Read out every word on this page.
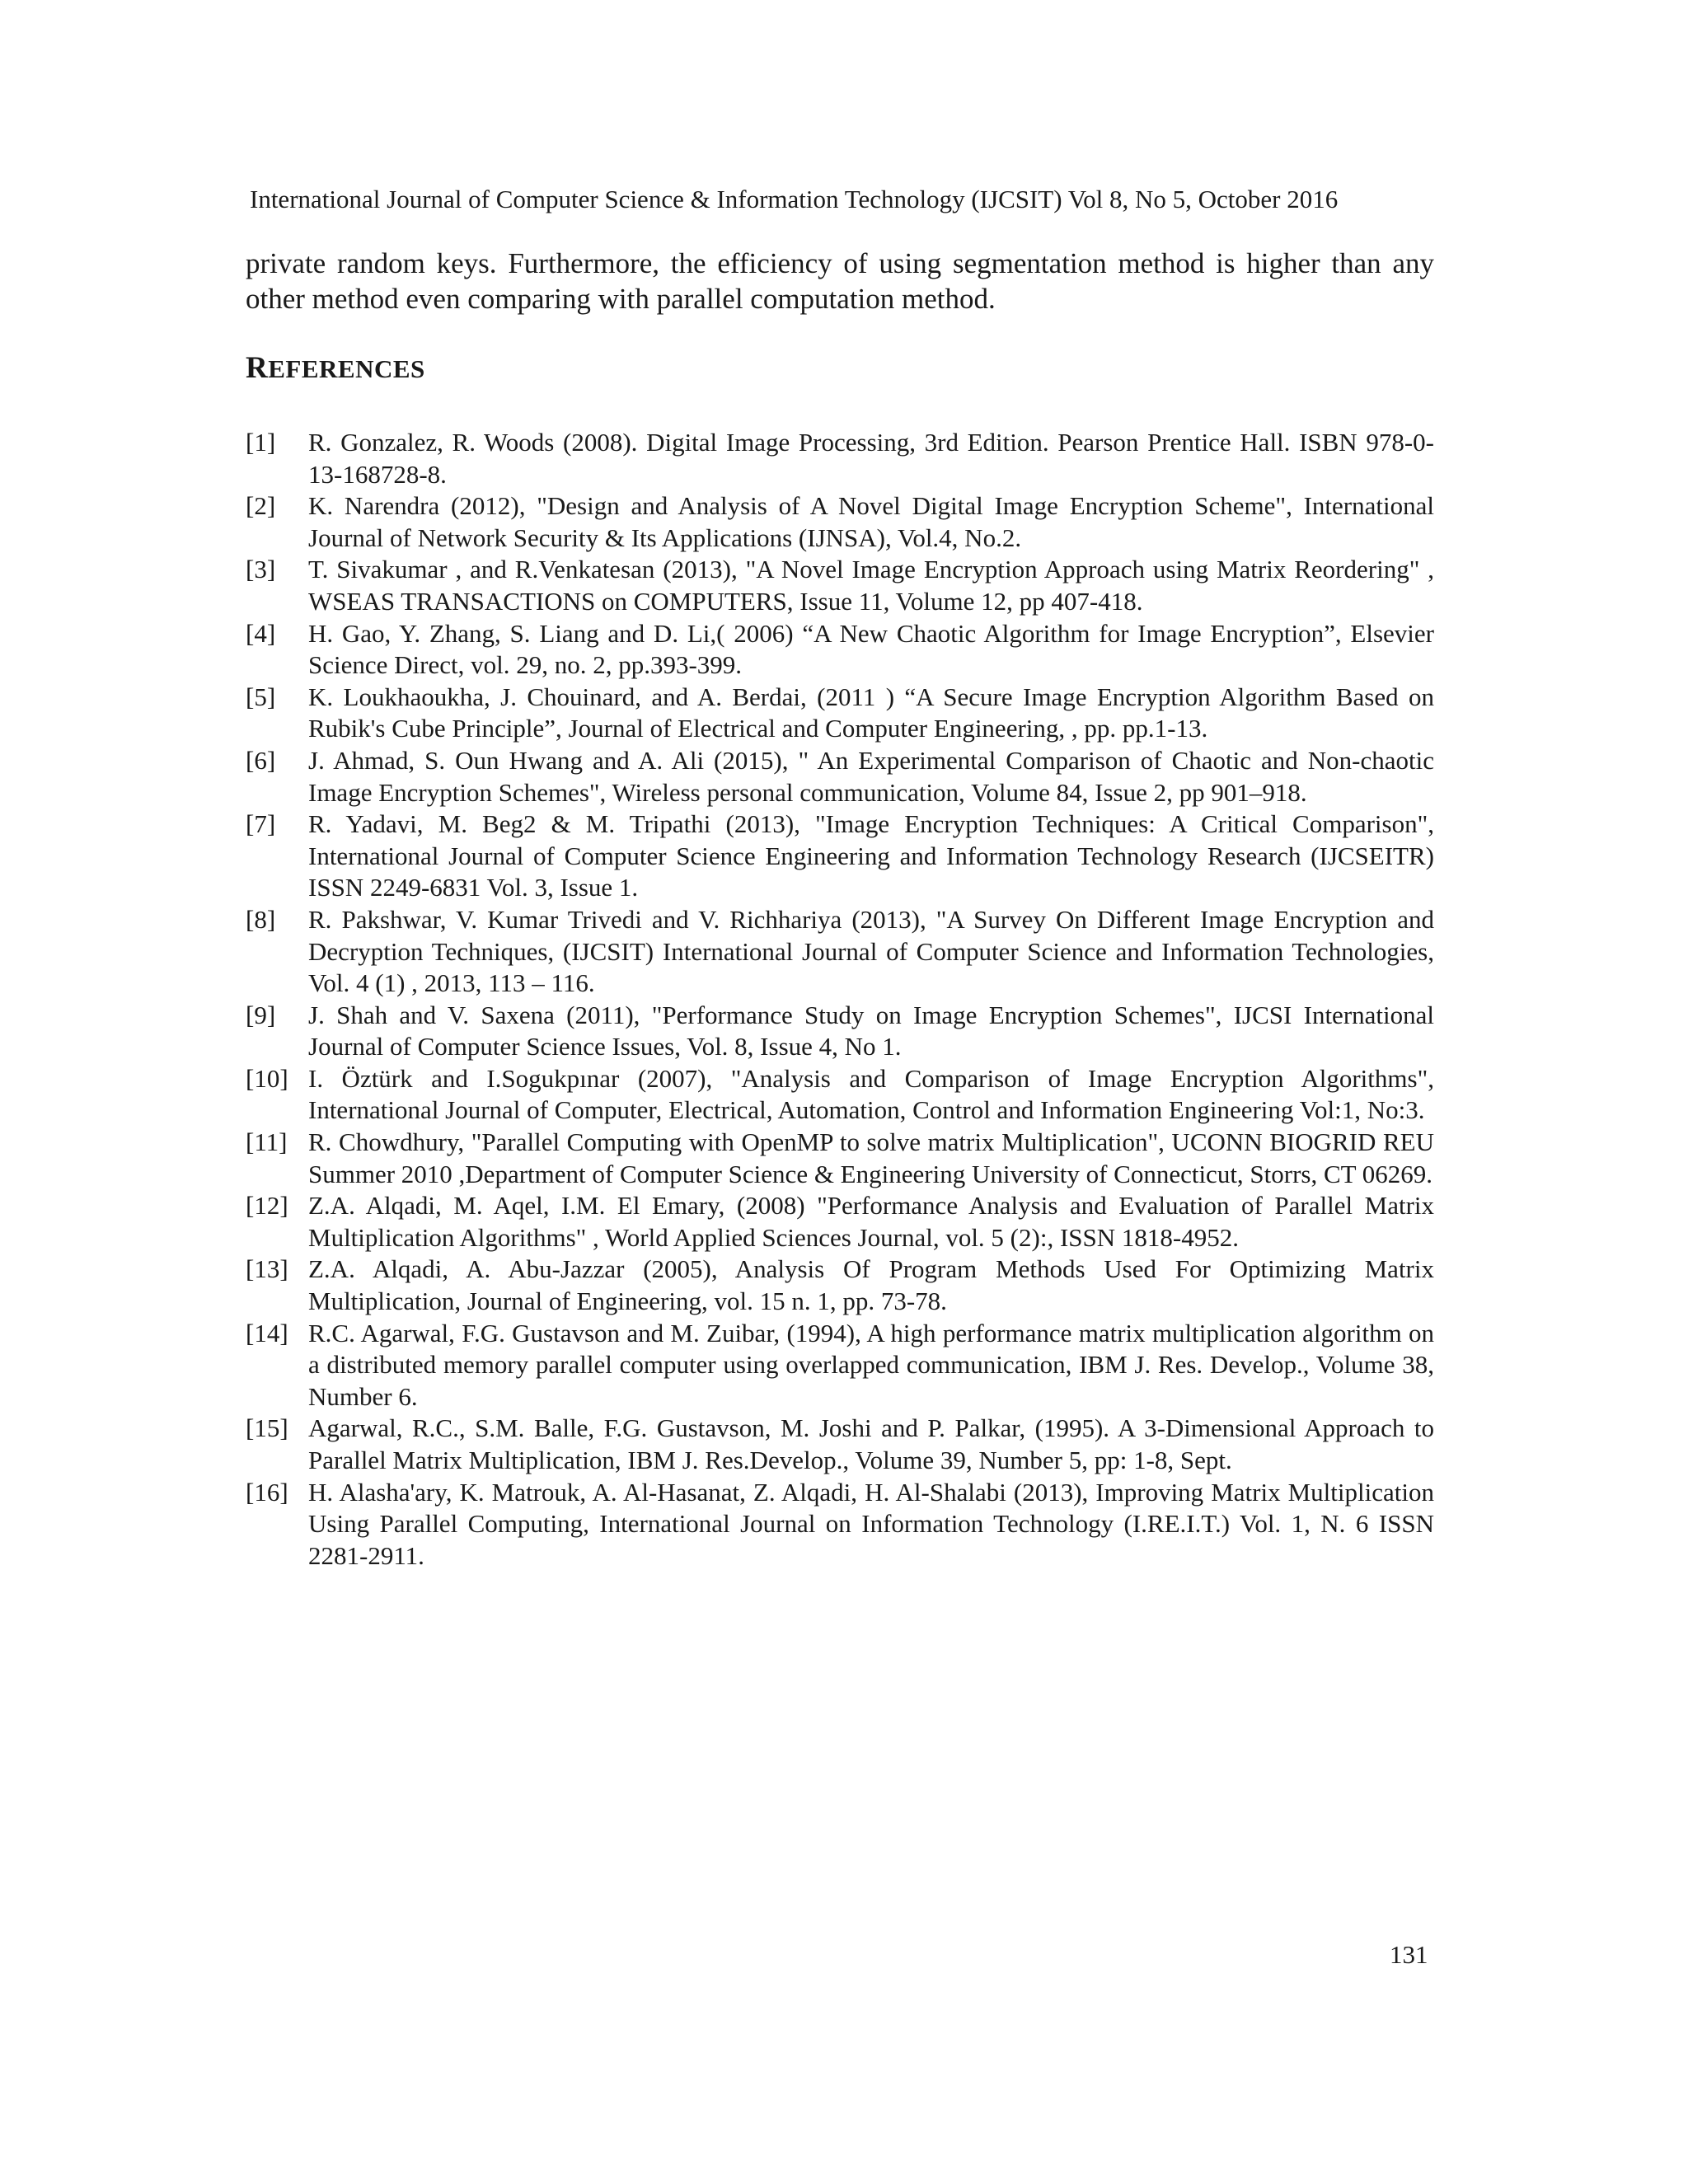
International Journal of Computer Science & Information Technology (IJCSIT) Vol 8, No 5, October 2016

private random keys. Furthermore, the efficiency of using segmentation method is higher than any other method even comparing with parallel computation method.

REFERENCES
[1]	R. Gonzalez, R. Woods (2008). Digital Image Processing, 3rd Edition. Pearson Prentice Hall. ISBN 978-0-13-168728-8.
[2]	K. Narendra (2012), "Design and Analysis of A Novel Digital Image Encryption Scheme", International Journal of Network Security & Its Applications (IJNSA), Vol.4, No.2.
[3]	T. Sivakumar , and R.Venkatesan (2013), "A Novel Image Encryption Approach using Matrix Reordering" , WSEAS TRANSACTIONS on COMPUTERS, Issue 11, Volume 12, pp 407-418.
[4]	H. Gao, Y. Zhang, S. Liang and D. Li,( 2006) “A New Chaotic Algorithm for Image Encryption”, Elsevier Science Direct, vol. 29, no. 2, pp.393-399.
[5]	K. Loukhaoukha, J. Chouinard, and A. Berdai, (2011 ) “A Secure Image Encryption Algorithm Based on Rubik's Cube Principle”, Journal of Electrical and Computer Engineering, , pp. pp.1-13.
[6]	J. Ahmad, S. Oun Hwang and A. Ali (2015), " An Experimental Comparison of Chaotic and Non-chaotic Image Encryption Schemes", Wireless personal communication, Volume 84, Issue 2, pp 901–918.
[7]	R. Yadavi, M. Beg2 & M. Tripathi (2013), "Image Encryption Techniques: A Critical Comparison", International Journal of Computer Science Engineering and Information Technology Research (IJCSEITR) ISSN 2249-6831 Vol. 3, Issue 1.
[8]	R. Pakshwar, V. Kumar Trivedi and V. Richhariya (2013), "A Survey On Different Image Encryption and Decryption Techniques, (IJCSIT) International Journal of Computer Science and Information Technologies, Vol. 4 (1) , 2013, 113 – 116.
[9]	J. Shah and V. Saxena (2011), "Performance Study on Image Encryption Schemes", IJCSI International Journal of Computer Science Issues, Vol. 8, Issue 4, No 1.
[10] I. Öztürk and I.Sogukpınar (2007), "Analysis and Comparison of Image Encryption Algorithms", International Journal of Computer, Electrical, Automation, Control and Information Engineering Vol:1, No:3.
[11] R. Chowdhury, "Parallel Computing with OpenMP to solve matrix Multiplication", UCONN BIOGRID REU Summer 2010 ,Department of Computer Science & Engineering University of Connecticut, Storrs, CT 06269.
[12] Z.A. Alqadi, M. Aqel, I.M. El Emary, (2008) "Performance Analysis and Evaluation of Parallel Matrix Multiplication Algorithms" , World Applied Sciences Journal, vol. 5 (2):, ISSN 1818-4952.
[13] Z.A. Alqadi, A. Abu-Jazzar (2005), Analysis Of Program Methods Used For Optimizing Matrix Multiplication, Journal of Engineering, vol. 15 n. 1, pp. 73-78.
[14] R.C. Agarwal, F.G. Gustavson and M. Zuibar, (1994), A high performance matrix multiplication algorithm on a distributed memory parallel computer using overlapped communication, IBM J. Res. Develop., Volume 38, Number 6.
[15] Agarwal, R.C., S.M. Balle, F.G. Gustavson, M. Joshi and P. Palkar, (1995). A 3-Dimensional Approach to Parallel Matrix Multiplication, IBM J. Res.Develop., Volume 39, Number 5, pp: 1-8, Sept.
[16] H. Alasha'ary, K. Matrouk, A. Al-Hasanat, Z. Alqadi, H. Al-Shalabi (2013), Improving Matrix Multiplication Using Parallel Computing, International Journal on Information Technology (I.RE.I.T.) Vol. 1, N. 6 ISSN 2281-2911.
131
